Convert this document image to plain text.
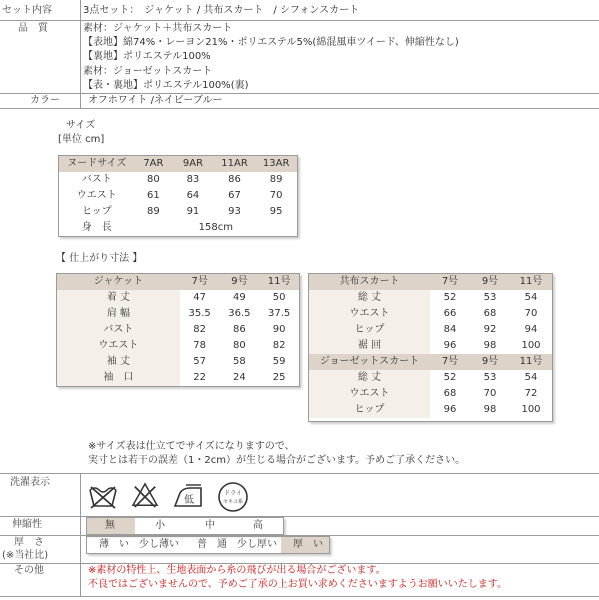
セット内容	3点セット：　ジャケット / 共布スカート　/ シフォンスカート
品　質	素材：ジャケット＋共布スカート
【表地】綿74%・レーヨン21%・ポリエステル5%(綿混風車ツイード、伸縮性なし)
【裏地】ポリエステル100%
素材：ジョーゼットスカート
【表・裏地】ポリエステル100%(裏)
カラー	オフホワイト /ネイビーブルー
サイズ
[単位 cm]
ヌードサイズ	7AR	9AR	11AR	13AR
バスト	80	83	86	89
ウエスト	61	64	67	70
ヒップ	89	91	93	95
身　長	158cm			
【 仕上がり寸法 】
ジャケット	7号	9号	11号
着 丈	47	49	50
肩 幅	35.5	36.5	37.5
バスト	82	86	90
ウエスト	78	80	82
袖 丈	57	58	59
袖　口	22	24	25
共布スカート	7号	9号	11号
総 丈	52	53	54
ウエスト	66	68	70
ヒップ	84	92	94
裾 回	96	98	100
ジョーゼットスカート	7号	9号	11号
総 丈	52	53	54
ウエスト	68	70	72
ヒップ	96	98	100
※サイズ表は仕立てでサイズになりますので、
実寸とは若干の誤差（1・2cm）が生じる場合がございます。予めご了承ください。
洗濯表示
低
ドライ
セキユ系
伸縮性	無	小	中	高
厚　さ
(※当社比)
薄　い 少し薄い 普　通 少し厚い 厚　い
その他	※素材の特性上、生地表面から糸の飛びが出る場合がございます。
不良ではございませんので、予めご了承の上お買い求めくださいますようお願いいたします。
